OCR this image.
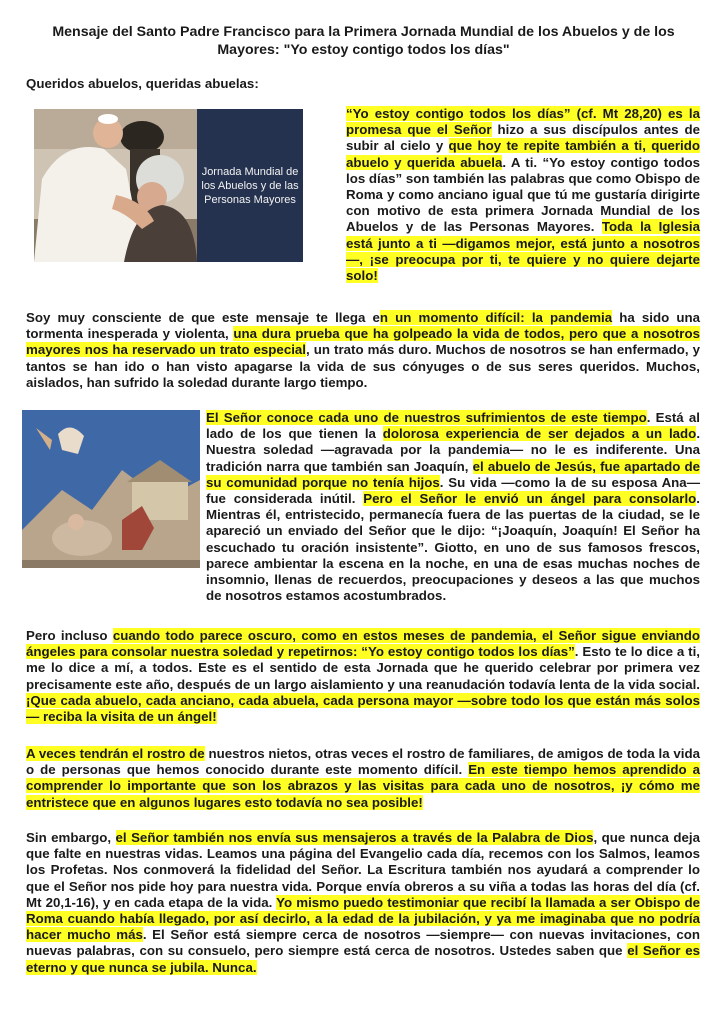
Mensaje del Santo Padre Francisco para la Primera Jornada Mundial de los Abuelos y de los Mayores: "Yo estoy contigo todos los días"

Queridos abuelos, queridas abuelas:

Jornada Mundial de los Abuelos y de las Personas Mayores

“Yo estoy contigo todos los días” (cf. Mt 28,20) es la promesa que el Señor hizo a sus discípulos antes de subir al cielo y que hoy te repite también a ti, querido abuelo y querida abuela. A ti. “Yo estoy contigo todos los días” son también las palabras que como Obispo de Roma y como anciano igual que tú me gustaría dirigirte con motivo de esta primera Jornada Mundial de los Abuelos y de las Personas Mayores. Toda la Iglesia está junto a ti —digamos mejor, está junto a nosotros—, ¡se preocupa por ti, te quiere y no quiere dejarte solo!

Soy muy consciente de que este mensaje te llega en un momento difícil: la pandemia ha sido una tormenta inesperada y violenta, una dura prueba que ha golpeado la vida de todos, pero que a nosotros mayores nos ha reservado un trato especial, un trato más duro. Muchos de nosotros se han enfermado, y tantos se han ido o han visto apagarse la vida de sus cónyuges o de sus seres queridos. Muchos, aislados, han sufrido la soledad durante largo tiempo.

El Señor conoce cada uno de nuestros sufrimientos de este tiempo. Está al lado de los que tienen la dolorosa experiencia de ser dejados a un lado. Nuestra soledad —agravada por la pandemia— no le es indiferente. Una tradición narra que también san Joaquín, el abuelo de Jesús, fue apartado de su comunidad porque no tenía hijos. Su vida —como la de su esposa Ana— fue considerada inútil. Pero el Señor le envió un ángel para consolarlo. Mientras él, entristecido, permanecía fuera de las puertas de la ciudad, se le apareció un enviado del Señor que le dijo: “¡Joaquín, Joaquín! El Señor ha escuchado tu oración insistente”. Giotto, en uno de sus famosos frescos, parece ambientar la escena en la noche, en una de esas muchas noches de insomnio, llenas de recuerdos, preocupaciones y deseos a las que muchos de nosotros estamos acostumbrados.

Pero incluso cuando todo parece oscuro, como en estos meses de pandemia, el Señor sigue enviando ángeles para consolar nuestra soledad y repetirnos: “Yo estoy contigo todos los días”. Esto te lo dice a ti, me lo dice a mí, a todos. Este es el sentido de esta Jornada que he querido celebrar por primera vez precisamente este año, después de un largo aislamiento y una reanudación todavía lenta de la vida social. ¡Que cada abuelo, cada anciano, cada abuela, cada persona mayor —sobre todo los que están más solos— reciba la visita de un ángel!

A veces tendrán el rostro de nuestros nietos, otras veces el rostro de familiares, de amigos de toda la vida o de personas que hemos conocido durante este momento difícil. En este tiempo hemos aprendido a comprender lo importante que son los abrazos y las visitas para cada uno de nosotros, ¡y cómo me entristece que en algunos lugares esto todavía no sea posible!

Sin embargo, el Señor también nos envía sus mensajeros a través de la Palabra de Dios, que nunca deja que falte en nuestras vidas. Leamos una página del Evangelio cada día, recemos con los Salmos, leamos los Profetas. Nos conmoverá la fidelidad del Señor. La Escritura también nos ayudará a comprender lo que el Señor nos pide hoy para nuestra vida. Porque envía obreros a su viña a todas las horas del día (cf. Mt 20,1-16), y en cada etapa de la vida. Yo mismo puedo testimoniar que recibí la llamada a ser Obispo de Roma cuando había llegado, por así decirlo, a la edad de la jubilación, y ya me imaginaba que no podría hacer mucho más. El Señor está siempre cerca de nosotros —siempre— con nuevas invitaciones, con nuevas palabras, con su consuelo, pero siempre está cerca de nosotros. Ustedes saben que el Señor es eterno y que nunca se jubila. Nunca.
